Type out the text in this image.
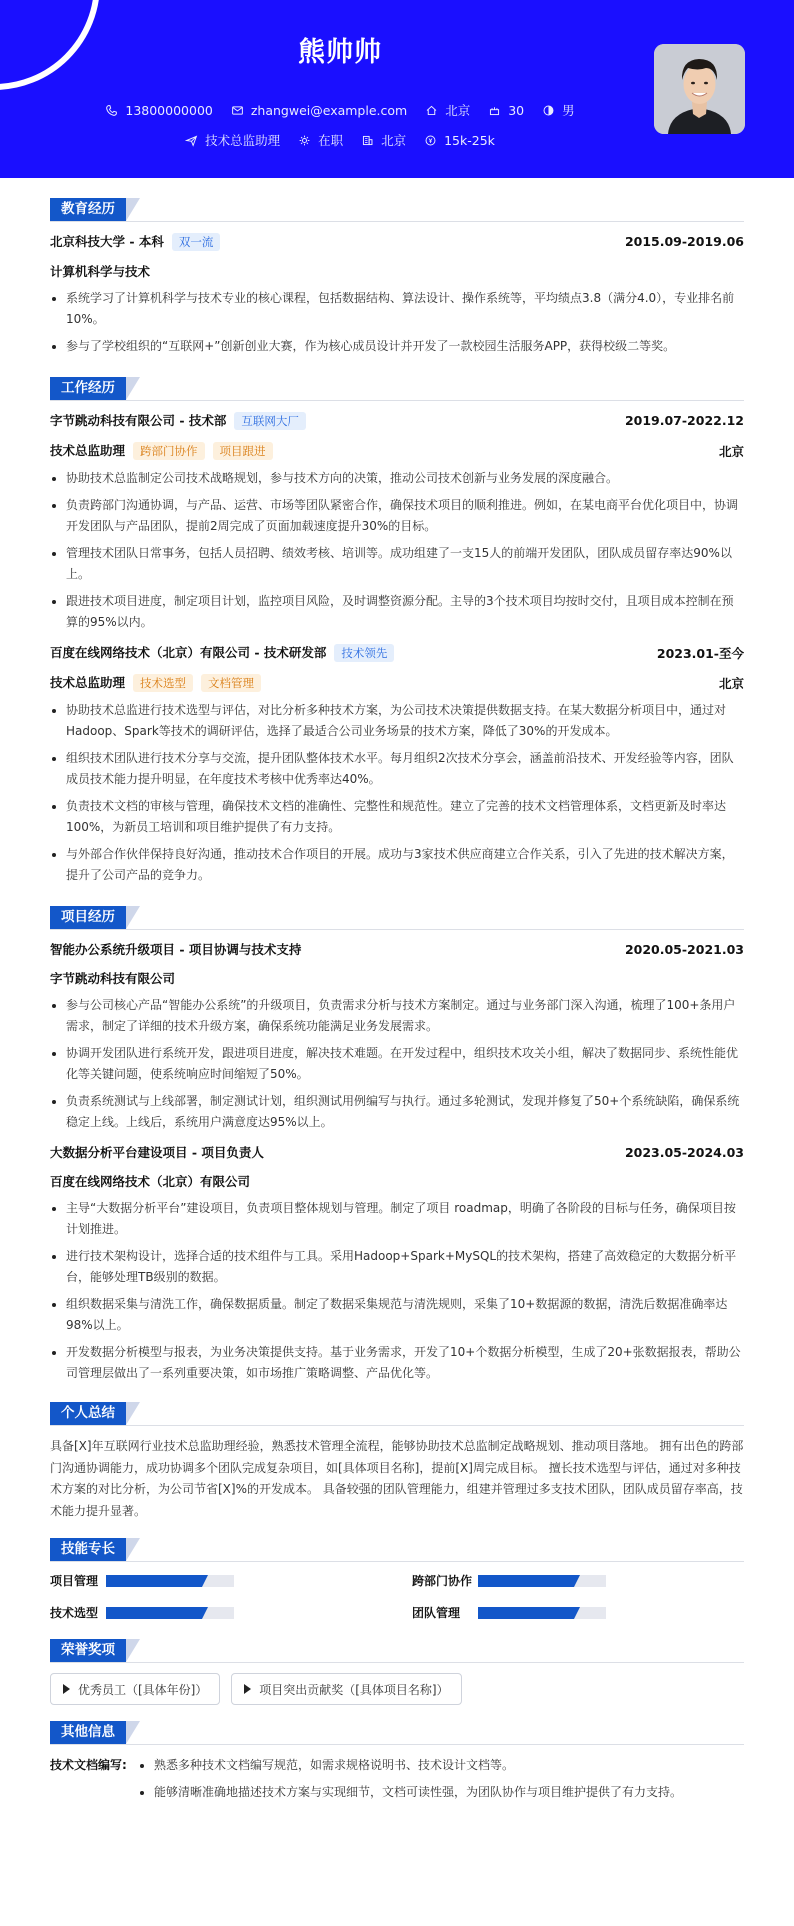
熊帅帅
13800000000
	zhangwei@example.com
	北京
	30
	男
技术总监助理
	在职
	北京
	15k-25k
教育经历
北京科技大学 - 本科 双一流	2015.09-2019.06
计算机科学与技术
系统学习了计算机科学与技术专业的核心课程，包括数据结构、算法设计、操作系统等，平均绩点3.8（满分4.0），专业排名前10%。
参与了学校组织的“互联网+”创新创业大赛，作为核心成员设计并开发了一款校园生活服务APP，获得校级二等奖。
工作经历
字节跳动科技有限公司 - 技术部 互联网大厂	2019.07-2022.12
技术总监助理 跨部门协作 项目跟进	北京
协助技术总监制定公司技术战略规划，参与技术方向的决策，推动公司技术创新与业务发展的深度融合。
负责跨部门沟通协调，与产品、运营、市场等团队紧密合作，确保技术项目的顺利推进。例如，在某电商平台优化项目中，协调开发团队与产品团队，提前2周完成了页面加载速度提升30%的目标。
管理技术团队日常事务，包括人员招聘、绩效考核、培训等。成功组建了一支15人的前端开发团队，团队成员留存率达90%以上。
跟进技术项目进度，制定项目计划，监控项目风险，及时调整资源分配。主导的3个技术项目均按时交付，且项目成本控制在预算的95%以内。
百度在线网络技术（北京）有限公司 - 技术研发部 技术领先	2023.01-至今
技术总监助理 技术选型 文档管理	北京
协助技术总监进行技术选型与评估，对比分析多种技术方案，为公司技术决策提供数据支持。在某大数据分析项目中，通过对Hadoop、Spark等技术的调研评估，选择了最适合公司业务场景的技术方案，降低了30%的开发成本。
组织技术团队进行技术分享与交流，提升团队整体技术水平。每月组织2次技术分享会，涵盖前沿技术、开发经验等内容，团队成员技术能力提升明显，在年度技术考核中优秀率达40%。
负责技术文档的审核与管理，确保技术文档的准确性、完整性和规范性。建立了完善的技术文档管理体系，文档更新及时率达100%，为新员工培训和项目维护提供了有力支持。
与外部合作伙伴保持良好沟通，推动技术合作项目的开展。成功与3家技术供应商建立合作关系，引入了先进的技术解决方案，提升了公司产品的竞争力。
项目经历
智能办公系统升级项目 - 项目协调与技术支持	2020.05-2021.03
字节跳动科技有限公司
参与公司核心产品“智能办公系统”的升级项目，负责需求分析与技术方案制定。通过与业务部门深入沟通，梳理了100+条用户需求，制定了详细的技术升级方案，确保系统功能满足业务发展需求。
协调开发团队进行系统开发，跟进项目进度，解决技术难题。在开发过程中，组织技术攻关小组，解决了数据同步、系统性能优化等关键问题，使系统响应时间缩短了50%。
负责系统测试与上线部署，制定测试计划，组织测试用例编写与执行。通过多轮测试，发现并修复了50+个系统缺陷，确保系统稳定上线。上线后，系统用户满意度达95%以上。
大数据分析平台建设项目 - 项目负责人	2023.05-2024.03
百度在线网络技术（北京）有限公司
主导“大数据分析平台”建设项目，负责项目整体规划与管理。制定了项目 roadmap，明确了各阶段的目标与任务，确保项目按计划推进。
进行技术架构设计，选择合适的技术组件与工具。采用Hadoop+Spark+MySQL的技术架构，搭建了高效稳定的大数据分析平台，能够处理TB级别的数据。
组织数据采集与清洗工作，确保数据质量。制定了数据采集规范与清洗规则，采集了10+数据源的数据，清洗后数据准确率达98%以上。
开发数据分析模型与报表，为业务决策提供支持。基于业务需求，开发了10+个数据分析模型，生成了20+张数据报表，帮助公司管理层做出了一系列重要决策，如市场推广策略调整、产品优化等。
个人总结
具备[X]年互联网行业技术总监助理经验，熟悉技术管理全流程，能够协助技术总监制定战略规划、推动项目落地。 拥有出色的跨部门沟通协调能力，成功协调多个团队完成复杂项目，如[具体项目名称]，提前[X]周完成目标。 擅长技术选型与评估，通过对多种技术方案的对比分析，为公司节省[X]%的开发成本。 具备较强的团队管理能力，组建并管理过多支技术团队，团队成员留存率高，技术能力提升显著。
技能专长
项目管理	跨部门协作
技术选型	团队管理
荣誉奖项
优秀员工（[具体年份]）
	项目突出贡献奖（[具体项目名称]）
其他信息
技术文档编写:	熟悉多种技术文档编写规范，如需求规格说明书、技术设计文档等。
能够清晰准确地描述技术方案与实现细节，文档可读性强，为团队协作与项目维护提供了有力支持。
